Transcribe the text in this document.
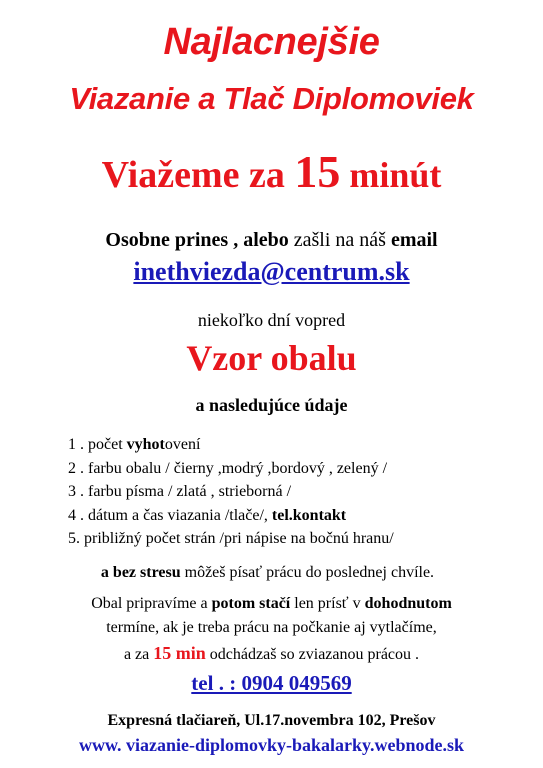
Najlacnejšie
Viazanie a Tlač Diplomoviek
Viažeme za 15 minút
Osobne prines , alebo zašli na náš email
inethviezda@centrum.sk
niekoľko dní vopred
Vzor obalu
a nasledujúce údaje
1 . počet vyhotovení
2 . farbu obalu / čierny ,modrý ,bordový , zelený /
3 . farbu písma / zlatá , strieborná /
4 . dátum a čas viazania /tlače/, tel.kontakt
5. približný počet strán /pri nápise na bočnú hranu/
a bez stresu môžeš písať prácu do poslednej chvíle.
Obal pripravíme a potom stačí len prísť v dohodnutom
termíne, ak je treba prácu na počkanie aj vytlačíme,
a za 15 min odchádzaš so zviazanou prácou .
tel . : 0904 049569
Expresná tlačiareň, Ul.17.novembra 102, Prešov
www. viazanie-diplomovky-bakalarky.webnode.sk
